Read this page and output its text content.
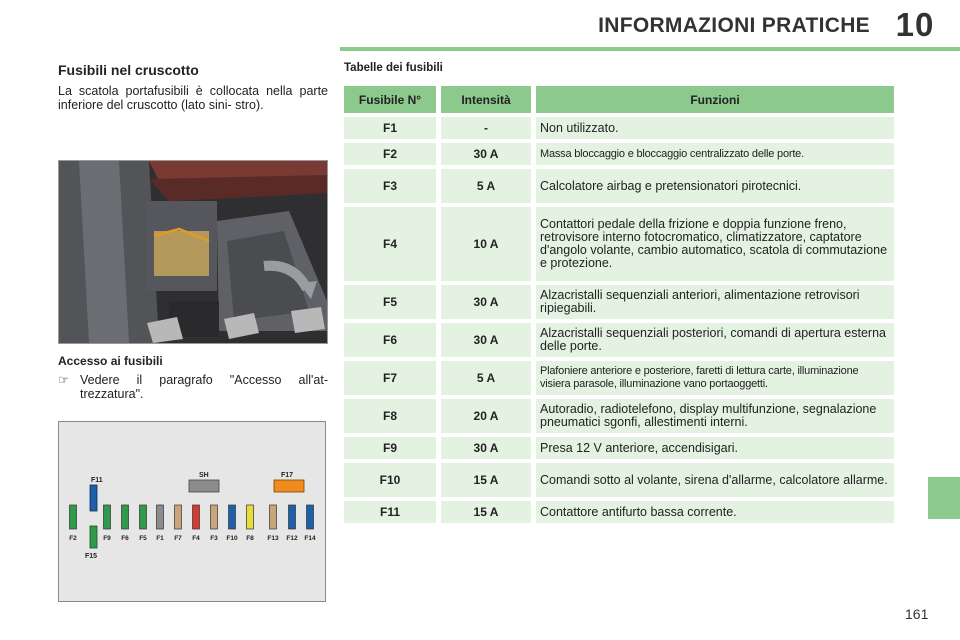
INFORMAZIONI PRATICHE 10
Fusibili nel cruscotto
La scatola portafusibili è collocata nella parte inferiore del cruscotto (lato sini- stro).
Accesso ai fusibili
☞ Vedere il paragrafo "Accesso all'at- trezzatura".
F11
SH	F17
F2	F9 F6 F5 F1 F7 F4 F3 F10 F8 F13 F12 F14
F15
Tabelle dei fusibili
Fusibile N°	Intensità	Funzioni
F1	-	Non utilizzato.
F2	30 A	Massa bloccaggio e bloccaggio centralizzato delle porte.
F3	5 A	Calcolatore airbag e pretensionatori pirotecnici.
F4	10 A	Contattori pedale della frizione e doppia funzione freno, retrovisore interno fotocromatico, climatizzatore, captatore d'angolo volante, cambio automatico, scatola di commutazione e protezione.
F5	30 A	Alzacristalli sequenziali anteriori, alimentazione retrovisori ripiegabili.
F6	30 A	Alzacristalli sequenziali posteriori, comandi di apertura esterna delle porte.
F7	5 A	Plafoniere anteriore e posteriore, faretti di lettura carte, illuminazione visiera parasole, illuminazione vano portaoggetti.
F8	20 A	Autoradio, radiotelefono, display multifunzione, segnalazione pneumatici sgonfi, allestimenti interni.
F9	30 A	Presa 12 V anteriore, accendisigari.
F10	15 A	Comandi sotto al volante, sirena d'allarme, calcolatore allarme.
F11	15 A	Contattore antifurto bassa corrente.
161
